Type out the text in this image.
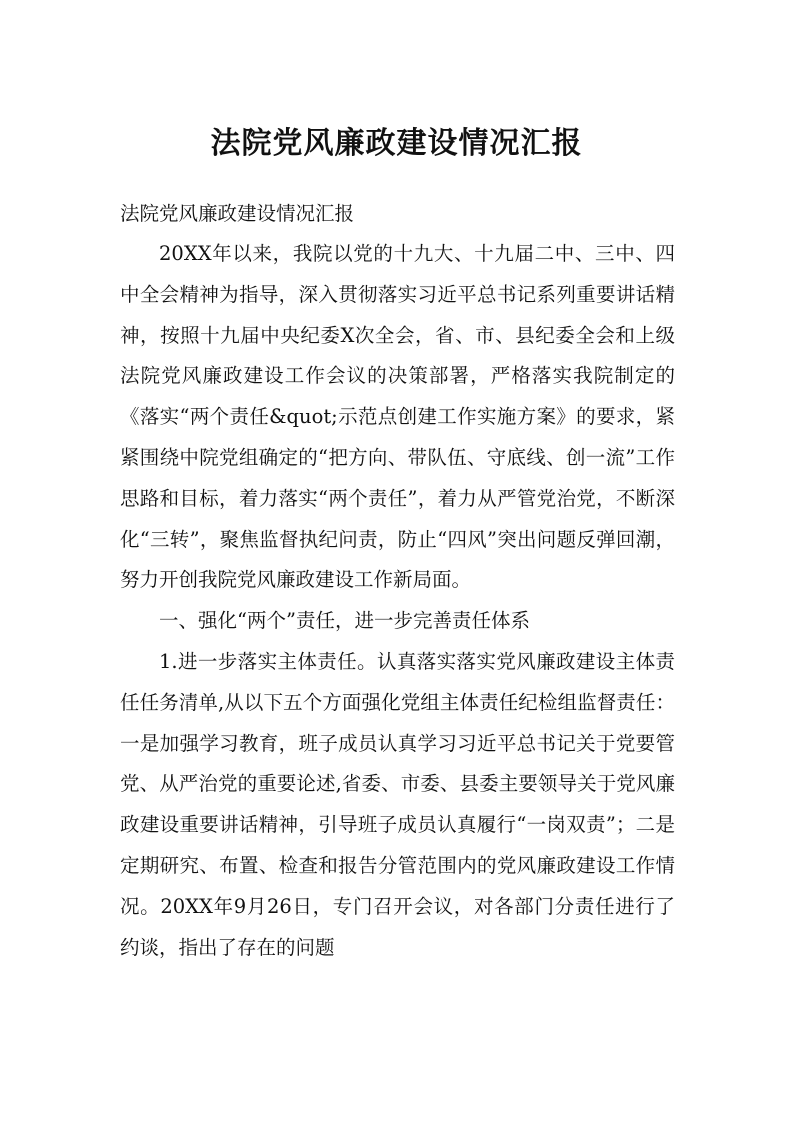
法院党风廉政建设情况汇报
法院党风廉政建设情况汇报

20XX年以来，我院以党的十九大、十九届二中、三中、四中全会精神为指导，深入贯彻落实习近平总书记系列重要讲话精神，按照十九届中央纪委X次全会，省、市、县纪委全会和上级法院党风廉政建设工作会议的决策部署，严格落实我院制定的《落实“两个责任&quot;示范点创建工作实施方案》的要求，紧紧围绕中院党组确定的“把方向、带队伍、守底线、创一流”工作思路和目标，着力落实“两个责任”，着力从严管党治党，不断深化“三转”，聚焦监督执纪问责，防止“四风”突出问题反弹回潮，努力开创我院党风廉政建设工作新局面。

一、强化“两个”责任，进一步完善责任体系

1.进一步落实主体责任。认真落实落实党风廉政建设主体责任任务清单,从以下五个方面强化党组主体责任纪检组监督责任：一是加强学习教育，班子成员认真学习习近平总书记关于党要管党、从严治党的重要论述,省委、市委、县委主要领导关于党风廉政建设重要讲话精神，引导班子成员认真履行“一岗双责”；二是定期研究、布置、检查和报告分管范围内的党风廉政建设工作情况。20XX年9月26日，专门召开会议，对各部门分责任进行了约谈，指出了存在的问题
